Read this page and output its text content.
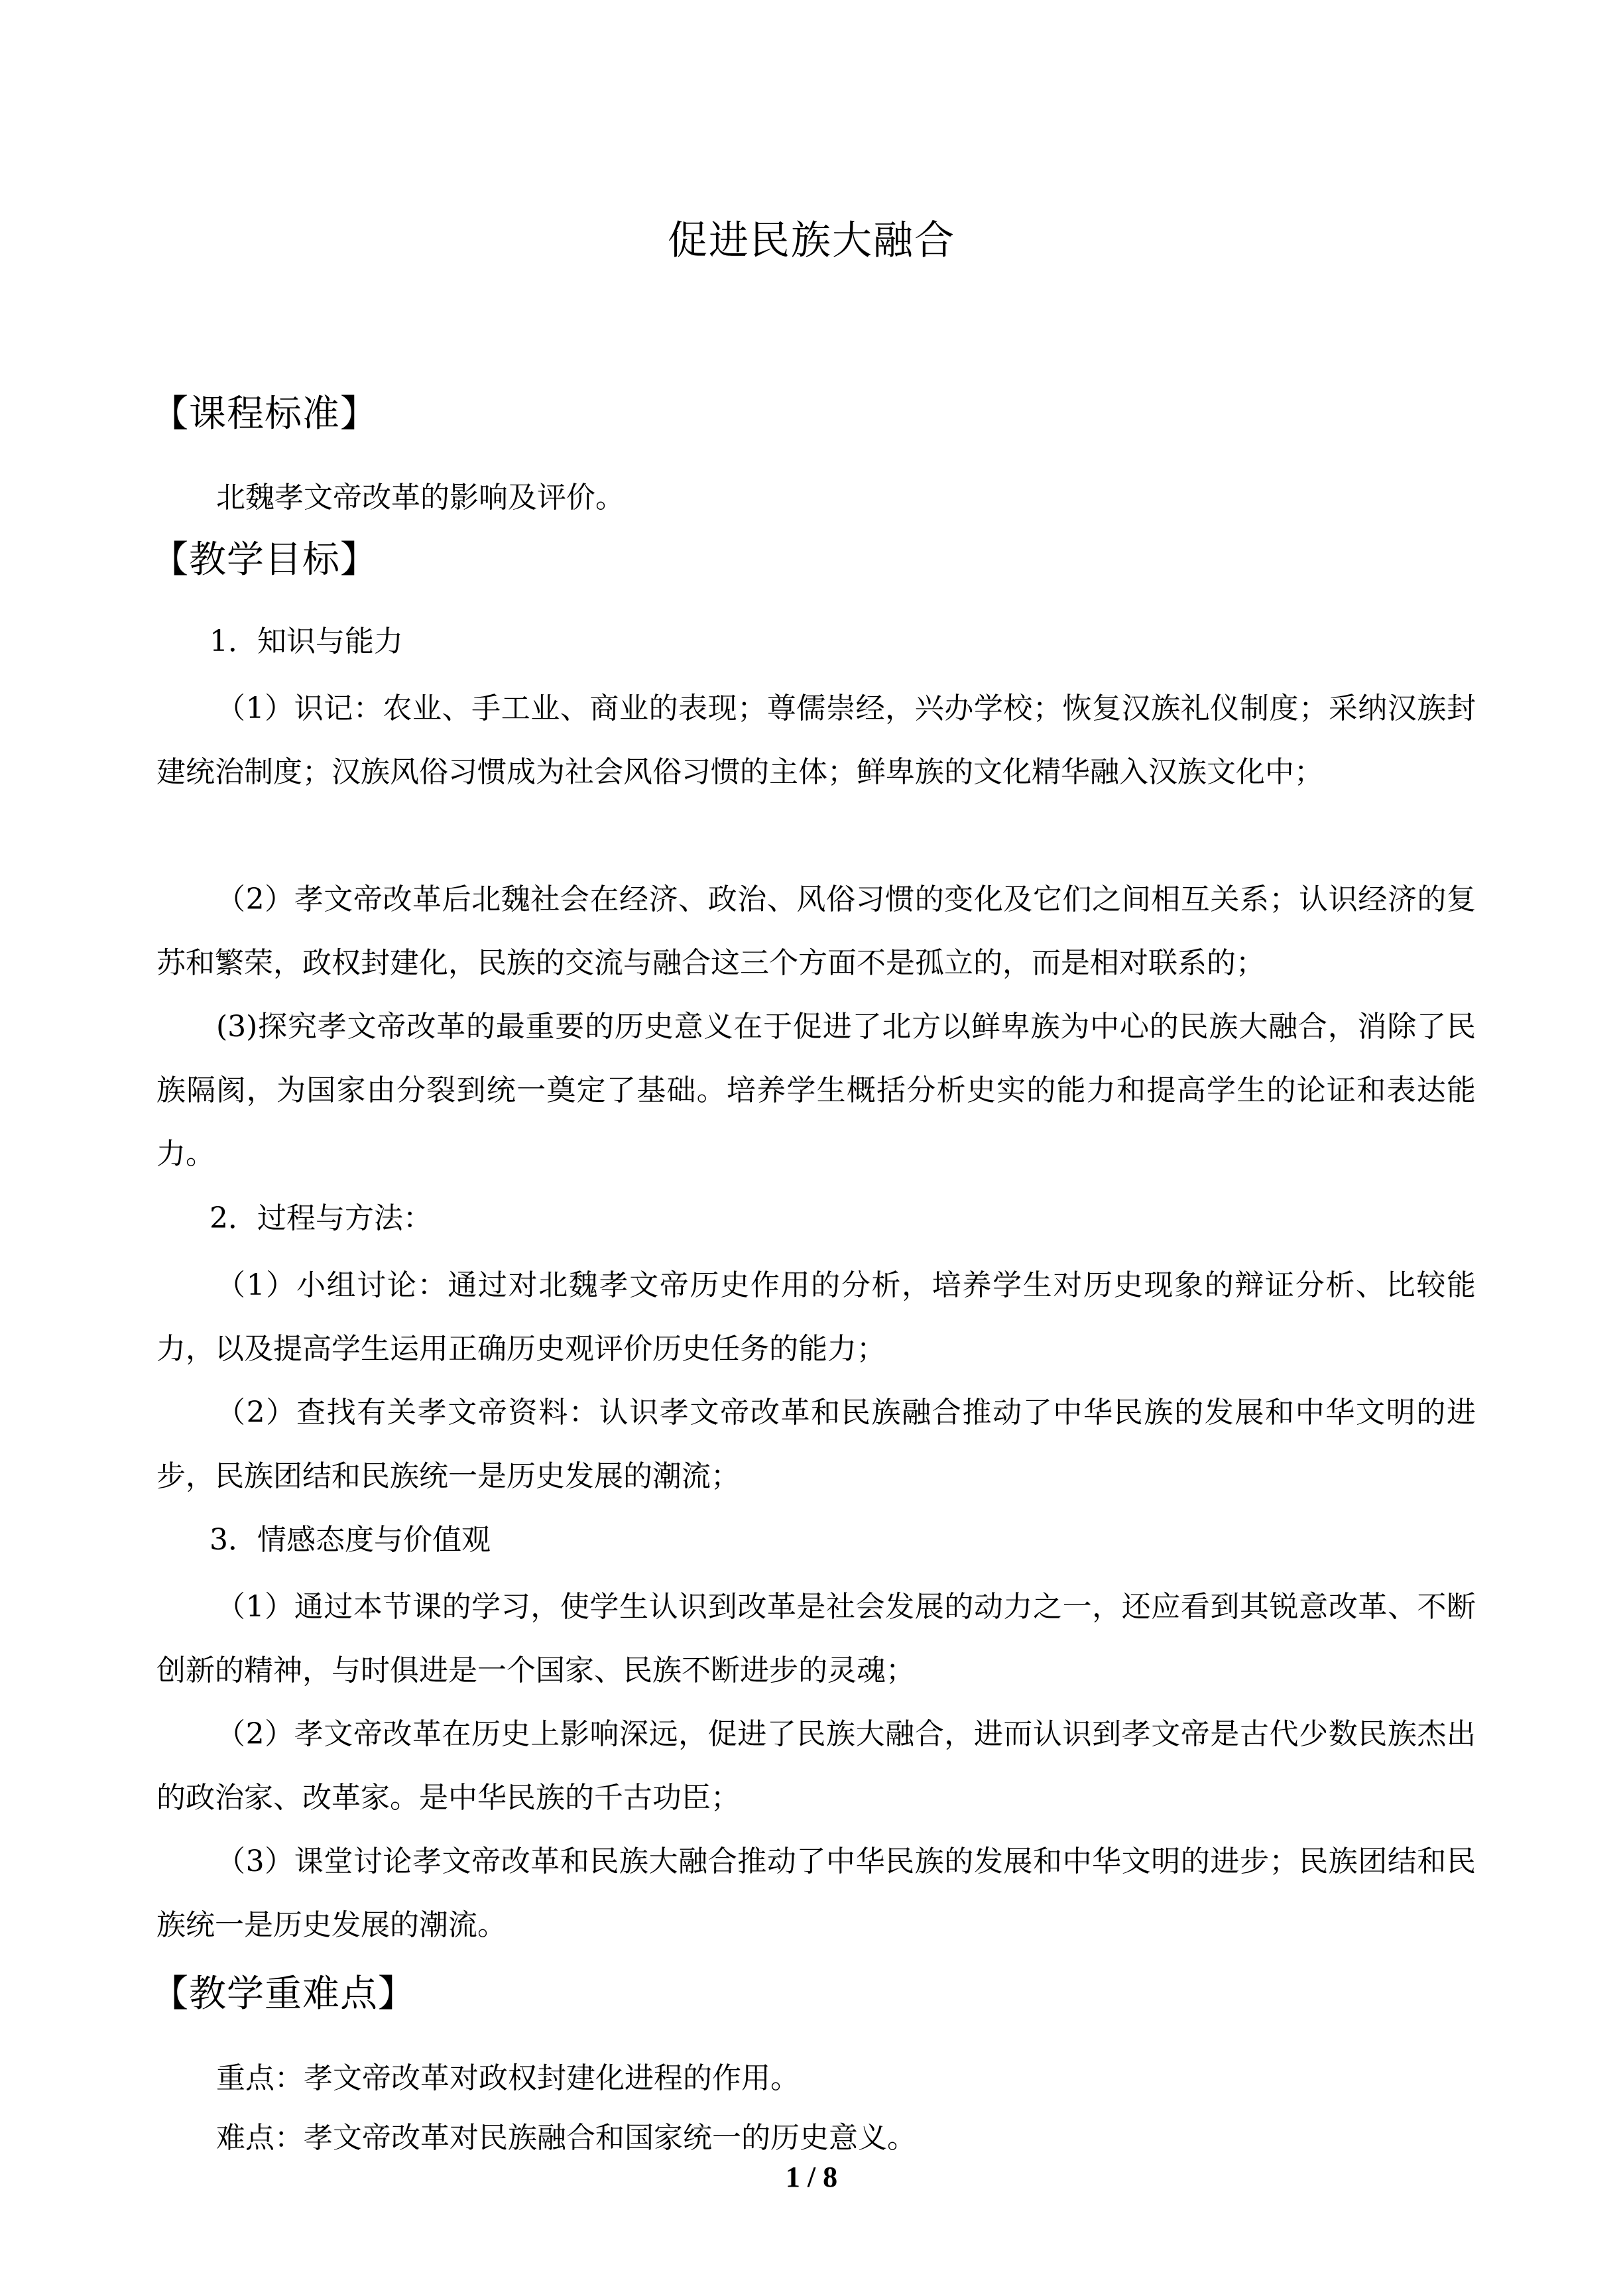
促进民族大融合
【课程标准】
北魏孝文帝改革的影响及评价。
【教学目标】
1．知识与能力
（1）识记：农业、手工业、商业的表现；尊儒崇经，兴办学校；恢复汉族礼仪制度；采纳汉族封建统治制度；汉族风俗习惯成为社会风俗习惯的主体；鲜卑族的文化精华融入汉族文化中；
（2）孝文帝改革后北魏社会在经济、政治、风俗习惯的变化及它们之间相互关系；认识经济的复苏和繁荣，政权封建化，民族的交流与融合这三个方面不是孤立的，而是相对联系的；
(3)探究孝文帝改革的最重要的历史意义在于促进了北方以鲜卑族为中心的民族大融合，消除了民族隔阂，为国家由分裂到统一奠定了基础。培养学生概括分析史实的能力和提高学生的论证和表达能力。
2．过程与方法：
（1）小组讨论：通过对北魏孝文帝历史作用的分析，培养学生对历史现象的辩证分析、比较能力，以及提高学生运用正确历史观评价历史任务的能力；
（2）查找有关孝文帝资料：认识孝文帝改革和民族融合推动了中华民族的发展和中华文明的进步，民族团结和民族统一是历史发展的潮流；
3．情感态度与价值观
（1）通过本节课的学习，使学生认识到改革是社会发展的动力之一，还应看到其锐意改革、不断创新的精神，与时俱进是一个国家、民族不断进步的灵魂；
（2）孝文帝改革在历史上影响深远，促进了民族大融合，进而认识到孝文帝是古代少数民族杰出的政治家、改革家。是中华民族的千古功臣；
（3）课堂讨论孝文帝改革和民族大融合推动了中华民族的发展和中华文明的进步；民族团结和民族统一是历史发展的潮流。
【教学重难点】
重点：孝文帝改革对政权封建化进程的作用。
难点：孝文帝改革对民族融合和国家统一的历史意义。
1 / 8
